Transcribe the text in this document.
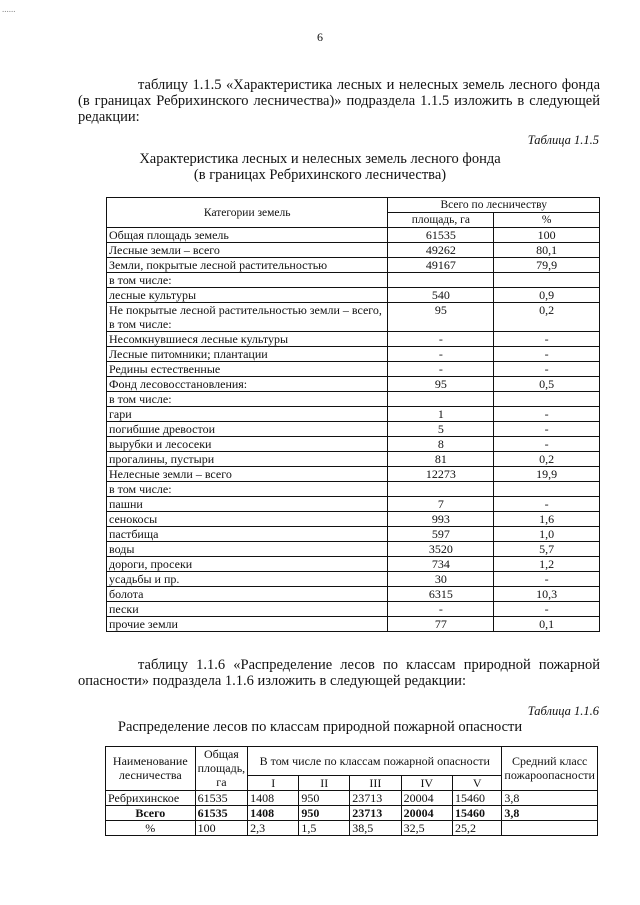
......
6
таблицу 1.1.5 «Характеристика лесных и нелесных земель лесного фонда (в границах Ребрихинского лесничества)» подраздела 1.1.5 изложить в следующей редакции:
Таблица 1.1.5
Характеристика лесных и нелесных земель лесного фонда
(в границах Ребрихинского лесничества)
Категории земель	Всего по лесничеству	
	площадь, га	%
Общая площадь земель	61535	100
Лесные земли – всего	49262	80,1
Земли, покрытые лесной растительностью	49167	79,9
в том числе:		
лесные культуры	540	0,9
Не покрытые лесной растительностью земли – всего, в том числе:	95	0,2
Несомкнувшиеся лесные культуры	-	-
Лесные питомники; плантации	-	-
Редины естественные	-	-
Фонд лесовосстановления:	95	0,5
в том числе:		
гари	1	-
погибшие древостои	5	-
вырубки и лесосеки	8	-
прогалины, пустыри	81	0,2
Нелесные земли – всего	12273	19,9
в том числе:		
пашни	7	-
сенокосы	993	1,6
пастбища	597	1,0
воды	3520	5,7
дороги, просеки	734	1,2
усадьбы и пр.	30	-
болота	6315	10,3
пески	-	-
прочие земли	77	0,1
таблицу 1.1.6 «Распределение лесов по классам природной пожарной опасности» подраздела 1.1.6 изложить в следующей редакции:
Таблица 1.1.6
Распределение лесов по классам природной пожарной опасности
Наименование лесничества	Общая площадь,	В том числе по классам пожарной опасности					Средний класс пожароопасности
	га	I	II	III	IV	V	
Ребрихинское	61535	1408	950	23713	20004	15460	3,8
Всего	61535	1408	950	23713	20004	15460	3,8
%	100	2,3	1,5	38,5	32,5	25,2	
